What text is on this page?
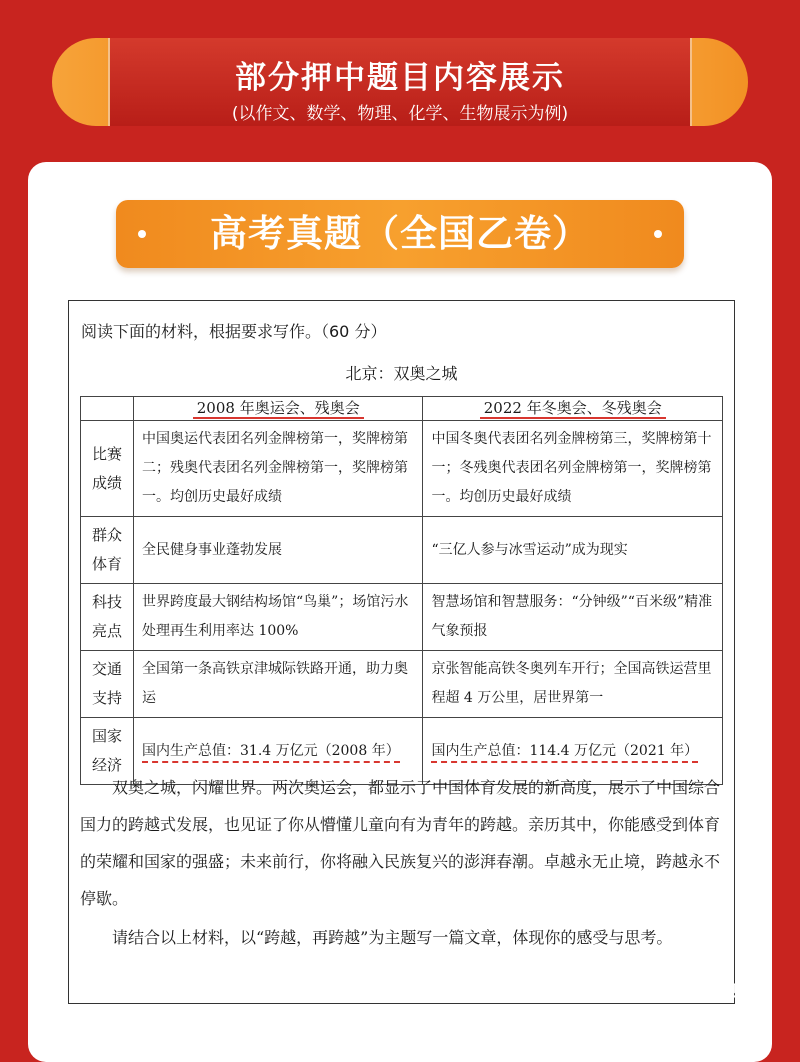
部分押中题目内容展示
(以作文、数学、物理、化学、生物展示为例)
高考真题（全国乙卷）
阅读下面的材料，根据要求写作。（60 分）
北京：双奥之城
	2008 年奥运会、残奥会	2022 年冬奥会、冬残奥会
比赛成绩	中国奥运代表团名列金牌榜第一，奖牌榜第二；残奥代表团名列金牌榜第一，奖牌榜第一。均创历史最好成绩	中国冬奥代表团名列金牌榜第三，奖牌榜第十一；冬残奥代表团名列金牌榜第一，奖牌榜第一。均创历史最好成绩
群众体育	全民健身事业蓬勃发展	“三亿人参与冰雪运动”成为现实
科技亮点	世界跨度最大钢结构场馆“鸟巢”；场馆污水处理再生利用率达 100%	智慧场馆和智慧服务：“分钟级”“百米级”精准气象预报
交通支持	全国第一条高铁京津城际铁路开通，助力奥运	京张智能高铁冬奥列车开行；全国高铁运营里程超 4 万公里，居世界第一
国家经济	国内生产总值：31.4 万亿元（2008 年）	国内生产总值：114.4 万亿元（2021 年）
双奥之城，闪耀世界。两次奥运会，都显示了中国体育发展的新高度，展示了中国综合国力的跨越式发展，也见证了你从懵懂儿童向有为青年的跨越。亲历其中，你能感受到体育的荣耀和国家的强盛；未来前行，你将融入民族复兴的澎湃春潮。卓越永无止境，跨越永不停歇。
请结合以上材料，以“跨越，再跨越”为主题写一篇文章，体现你的感受与思考。
四川升学规划
